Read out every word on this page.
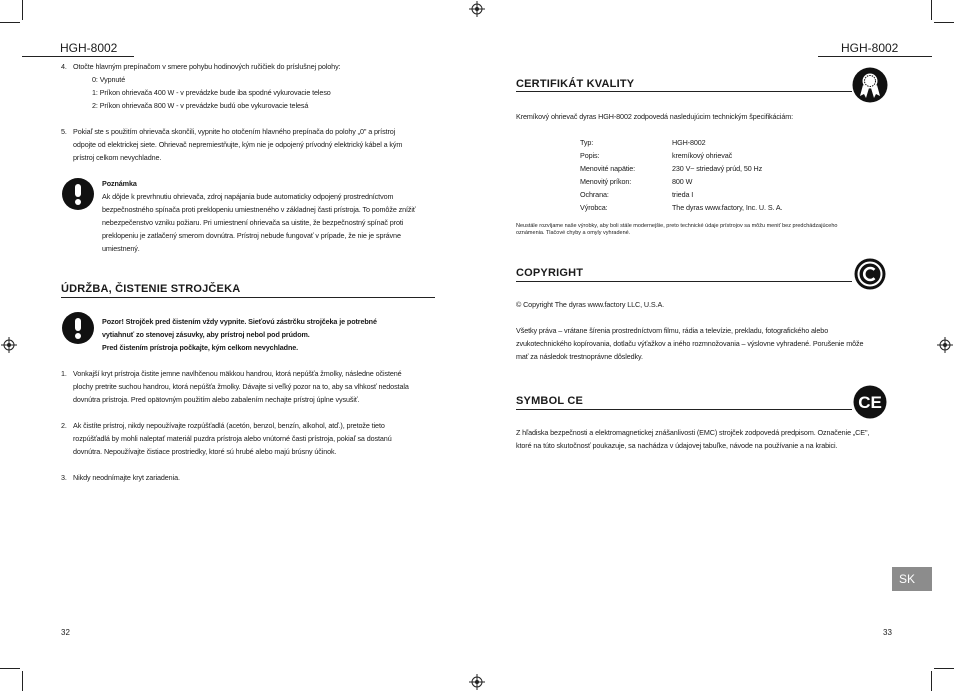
HGH-8002
4. Otočte hlavným prepínačom v smere pohybu hodinových ručičiek do príslušnej polohy:
0: Vypnuté
1: Príkon ohrievača 400 W - v prevádzke bude iba spodné vykurovacie teleso
2: Príkon ohrievača 800 W - v prevádzke budú obe vykurovacie telesá
5. Pokiaľ ste s použitím ohrievača skončili, vypnite ho otočením hlavného prepínača do polohy „0" a prístroj
odpojte od elektrickej siete. Ohrievač nepremiestňujte, kým nie je odpojený prívodný elektrický kábel a kým
prístroj celkom nevychladne.
Poznámka
Ak dôjde k prevrhnutiu ohrievača, zdroj napájania bude automaticky odpojený prostredníctvom
bezpečnostného spínača proti preklopeniu umiestneného v základnej časti prístroja. To pomôže znížiť
nebezpečenstvo vzniku požiaru. Pri umiestnení ohrievača sa uistite, že bezpečnostný spínač proti
preklopeniu je zatlačený smerom dovnútra. Prístroj nebude fungovať v prípade, že nie je správne
umiestnený.
ÚDRŽBA, ČISTENIE STROJČEKA
Pozor! Strojček pred čistením vždy vypnite. Sieťovú zástrčku strojčeka je potrebné
vytiahnuť zo stenovej zásuvky, aby prístroj nebol pod prúdom.
Pred čistením prístroja počkajte, kým celkom nevychladne.
1. Vonkajší kryt prístroja čistite jemne navlhčenou mäkkou handrou, ktorá nepúšťa žmolky, následne očistené
plochy pretrite suchou handrou, ktorá nepúšťa žmolky. Dávajte si veľký pozor na to, aby sa vlhkosť nedostala
dovnútra prístroja. Pred opätovným použitím alebo zabalením nechajte prístroj úplne vysušiť.
2. Ak čistíte prístroj, nikdy nepoužívajte rozpúšťadlá (acetón, benzol, benzín, alkohol, atď.), pretože tieto
rozpúšťadlá by mohli naleptať materiál puzdra prístroja alebo vnútorné časti prístroja, pokiaľ sa dostanú
dovnútra. Nepoužívajte čistiace prostriedky, ktoré sú hrubé alebo majú brúsny účinok.
3. Nikdy neodnímajte kryt zariadenia.
32
HGH-8002
CERTIFIKÁT KVALITY
Kremíkový ohrievač dyras HGH-8002 zodpovedá nasledujúcim technickým špecifikáciám:
Typ:	HGH-8002
Popis:	kremíkový ohrievač
Menovité napätie:	230 V~ striedavý prúd, 50 Hz
Menovitý príkon:	800 W
Ochrana:	trieda I
Výrobca:	The dyras www.factory, Inc. U. S. A.
Neustále rozvíjame naše výrobky, aby boli stále modernejšie, preto technické údaje prístrojov sa môžu meniť bez predchádzajúceho
oznámenia. Tlačové chyby a omyly vyhradené.
COPYRIGHT
© Copyright The dyras www.factory LLC, U.S.A.
Všetky práva – vrátane šírenia prostredníctvom filmu, rádia a televízie, prekladu, fotografického alebo
zvukotechnického kopírovania, dotlaču výťažkov a iného rozmnožovania – výslovne vyhradené. Porušenie môže
mať za následok trestnoprávne dôsledky.
SYMBOL CE	CE
Z hľadiska bezpečnosti a elektromagnetickej znášanlivosti (EMC) strojček zodpovedá predpisom. Označenie „CE",
ktoré na túto skutočnosť poukazuje, sa nachádza v údajovej tabuľke, návode na používanie a na krabici.
SK
33
